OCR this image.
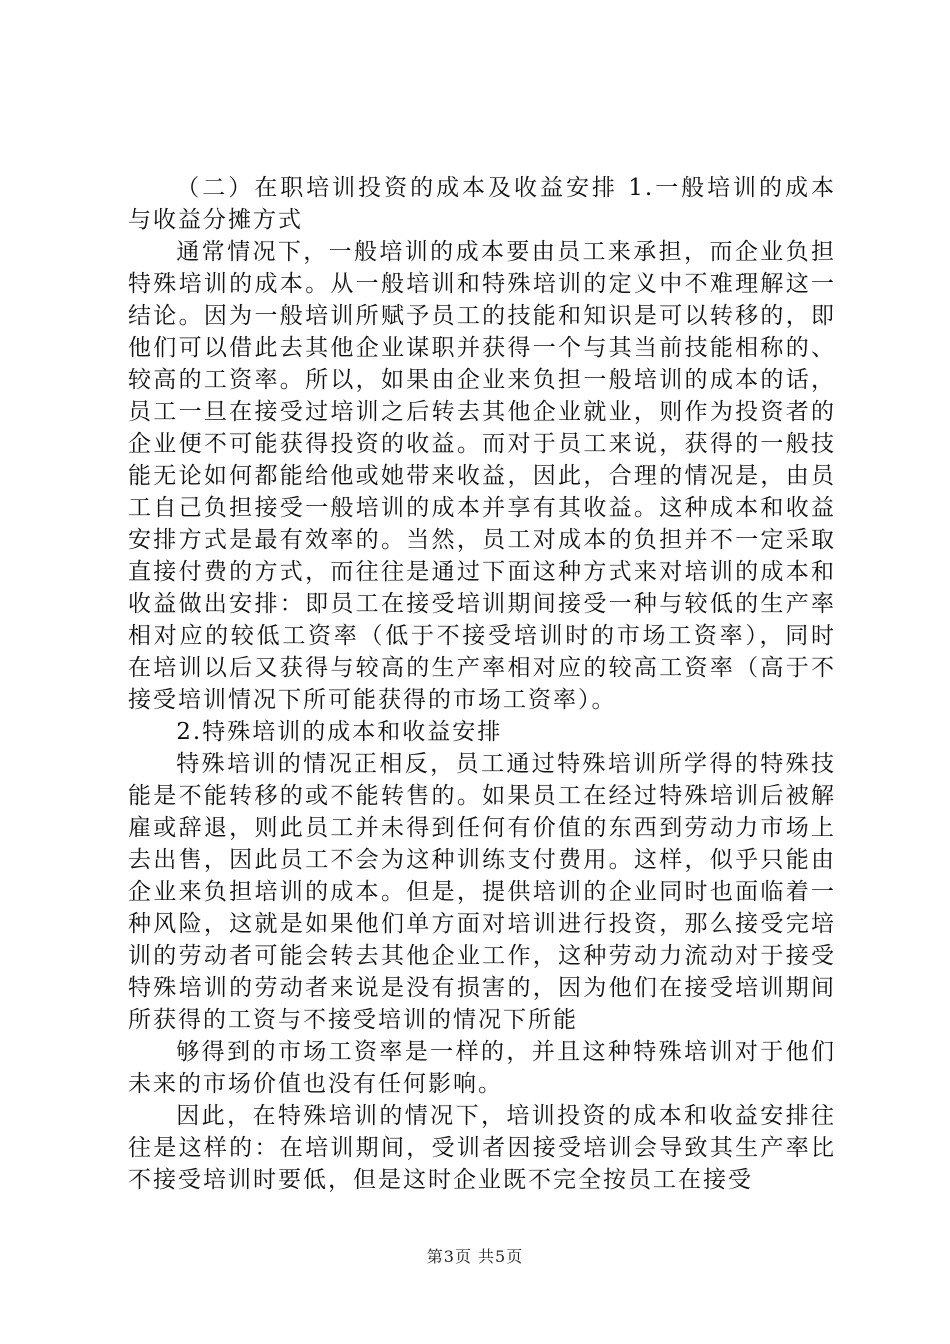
（二）在职培训投资的成本及收益安排 1.一般培训的成本与收益分摊方式

通常情况下，一般培训的成本要由员工来承担，而企业负担特殊培训的成本。从一般培训和特殊培训的定义中不难理解这一结论。因为一般培训所赋予员工的技能和知识是可以转移的，即他们可以借此去其他企业谋职并获得一个与其当前技能相称的、较高的工资率。所以，如果由企业来负担一般培训的成本的话，员工一旦在接受过培训之后转去其他企业就业，则作为投资者的企业便不可能获得投资的收益。而对于员工来说，获得的一般技能无论如何都能给他或她带来收益，因此，合理的情况是，由员工自己负担接受一般培训的成本并享有其收益。这种成本和收益安排方式是最有效率的。当然，员工对成本的负担并不一定采取直接付费的方式，而往往是通过下面这种方式来对培训的成本和收益做出安排：即员工在接受培训期间接受一种与较低的生产率相对应的较低工资率（低于不接受培训时的市场工资率），同时在培训以后又获得与较高的生产率相对应的较高工资率（高于不接受培训情况下所可能获得的市场工资率）。

2.特殊培训的成本和收益安排

特殊培训的情况正相反，员工通过特殊培训所学得的特殊技能是不能转移的或不能转售的。如果员工在经过特殊培训后被解雇或辞退，则此员工并未得到任何有价值的东西到劳动力市场上去出售，因此员工不会为这种训练支付费用。这样，似乎只能由企业来负担培训的成本。但是，提供培训的企业同时也面临着一种风险，这就是如果他们单方面对培训进行投资，那么接受完培训的劳动者可能会转去其他企业工作，这种劳动力流动对于接受特殊培训的劳动者来说是没有损害的，因为他们在接受培训期间所获得的工资与不接受培训的情况下所能

够得到的市场工资率是一样的，并且这种特殊培训对于他们未来的市场价值也没有任何影响。

因此，在特殊培训的情况下，培训投资的成本和收益安排往往是这样的：在培训期间，受训者因接受培训会导致其生产率比不接受培训时要低，但是这时企业既不完全按员工在接受

第3页 共5页
